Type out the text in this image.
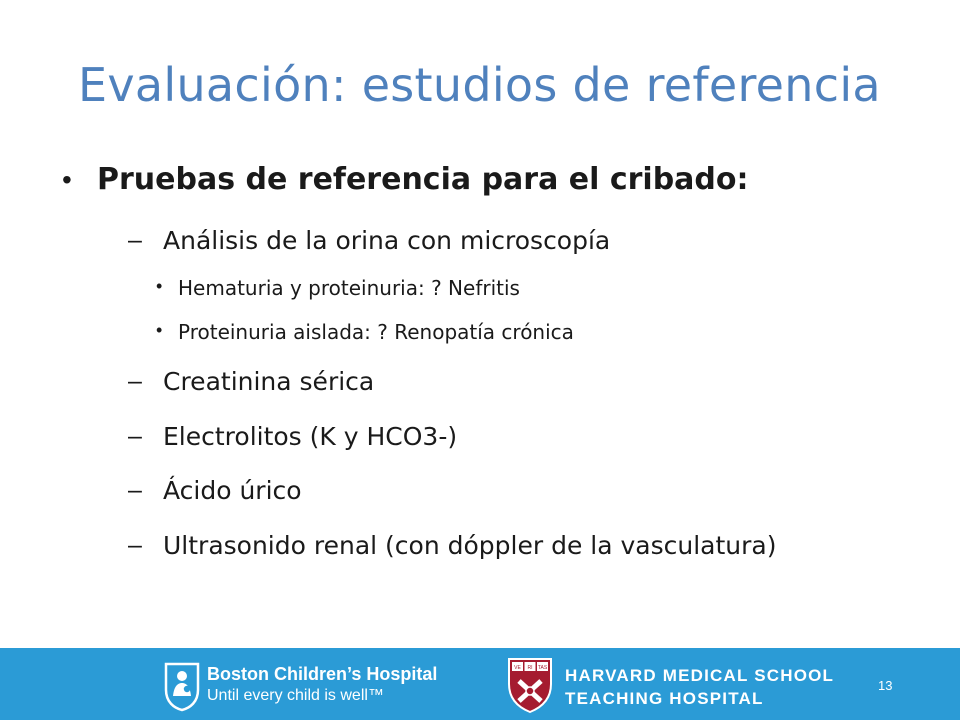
Evaluación: estudios de referencia
• Pruebas de referencia para el cribado:
– Análisis de la orina con microscopía
• Hematuria y proteinuria: ? Nefritis
• Proteinuria aislada: ? Renopatía crónica
– Creatinina sérica
– Electrolitos (K y HCO3-)
– Ácido úrico
– Ultrasonido renal (con dóppler de la vasculatura)
Boston Children’s Hospital
Until every child is well™
VE RI TAS HARVARD MEDICAL SCHOOL
TEACHING HOSPITAL
13
